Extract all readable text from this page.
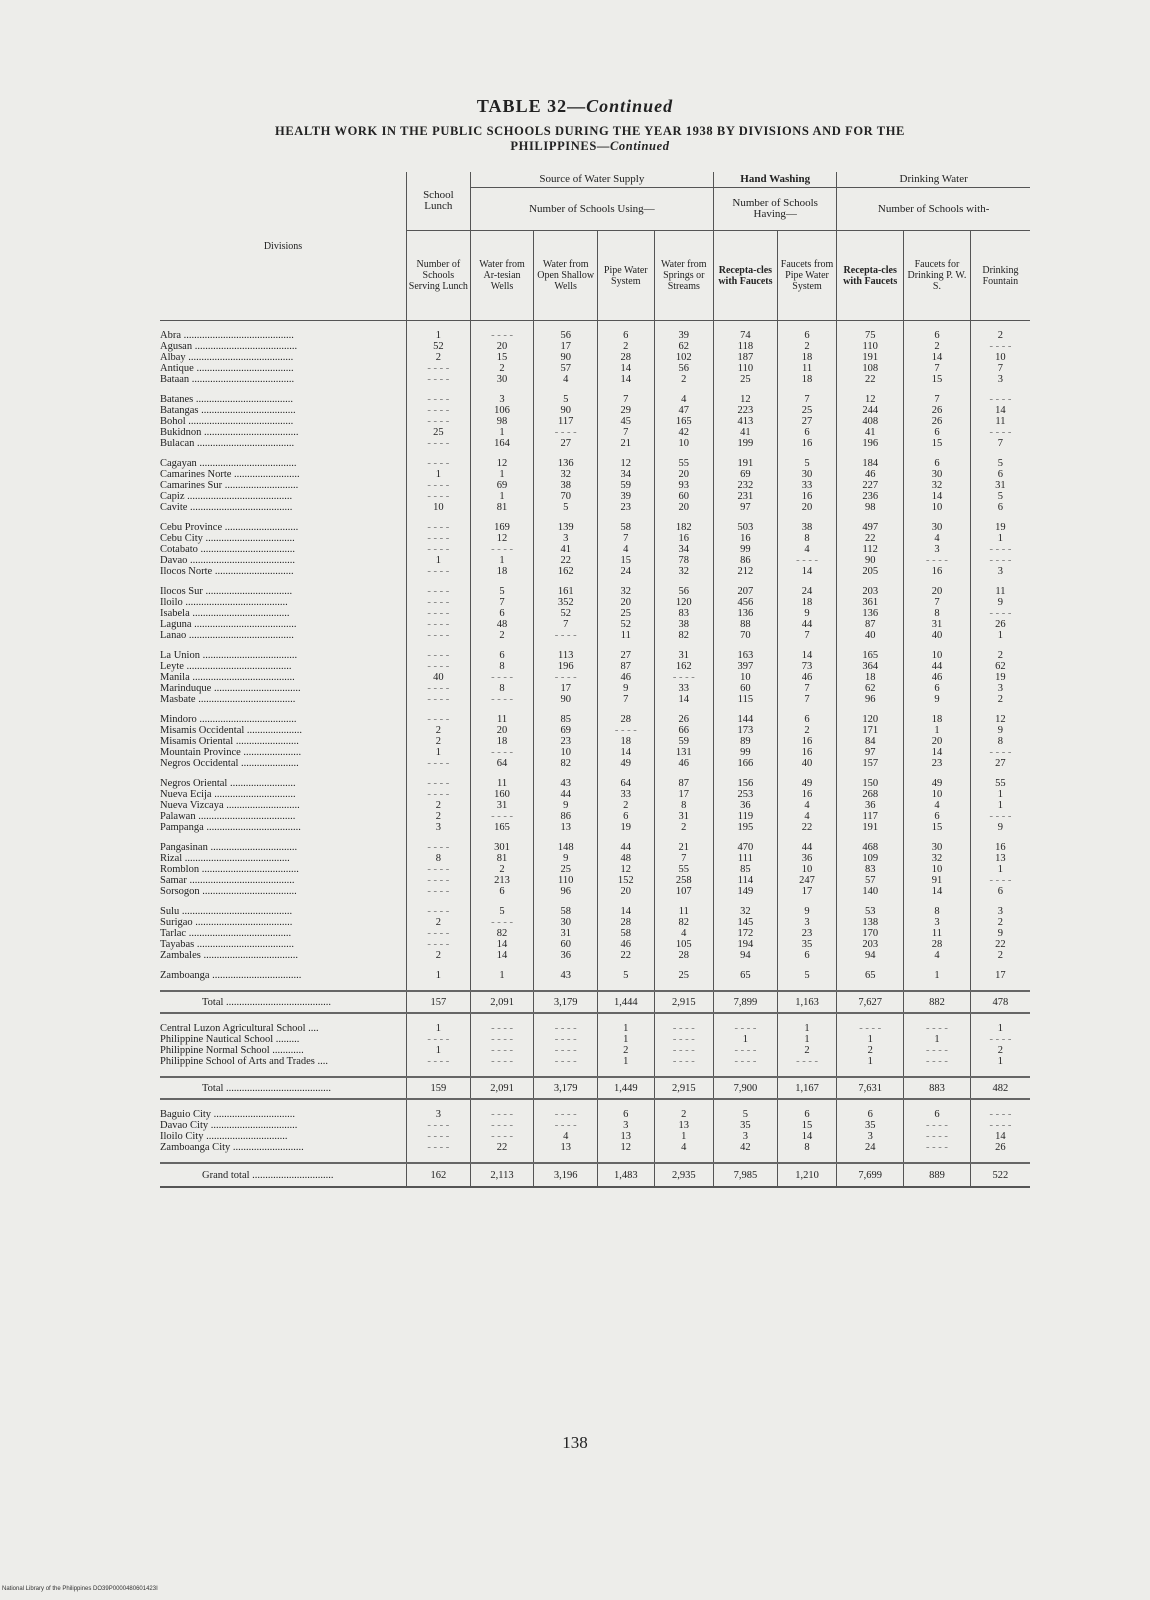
TABLE 32—Continued
HEALTH WORK IN THE PUBLIC SCHOOLS DURING THE YEAR 1938 BY DIVISIONS AND FOR THE
PHILIPPINES—Continued
Divisions	School Lunch	Source of Water Supply				Hand Washing		Drinking Water		
		Number of Schools Using—				Number of Schools Having—		Number of Schools with-		
	Number of Schools Serving Lunch	Water from Ar-tesian Wells	Water from Open Shallow Wells	Pipe Water System	Water from Springs or Streams	Recepta-cles with Faucets	Faucets from Pipe Water System	Recepta-cles with Faucets	Faucets for Drinking P. W. S.	Drinking Fountain

Abra ..........................................	1	- - - -	56	6	39	74	6	75	6	2
Agusan .......................................	52	20	17	2	62	118	2	110	2	- - - -
Albay ........................................	2	15	90	28	102	187	18	191	14	10
Antique .....................................	- - - -	2	57	14	56	110	11	108	7	7
Bataan .......................................	- - - -	30	4	14	2	25	18	22	15	3

Batanes .....................................	- - - -	3	5	7	4	12	7	12	7	- - - -
Batangas ....................................	- - - -	106	90	29	47	223	25	244	26	14
Bohol ........................................	- - - -	98	117	45	165	413	27	408	26	11
Bukidnon ....................................	25	1	- - - -	7	42	41	6	41	6	- - - -
Bulacan .....................................	- - - -	164	27	21	10	199	16	196	15	7

Cagayan .....................................	- - - -	12	136	12	55	191	5	184	6	5
Camarines Norte .........................	1	1	32	34	20	69	30	46	30	6
Camarines Sur ............................	- - - -	69	38	59	93	232	33	227	32	31
Capiz ........................................	- - - -	1	70	39	60	231	16	236	14	5
Cavite .......................................	10	81	5	23	20	97	20	98	10	6

Cebu Province ............................	- - - -	169	139	58	182	503	38	497	30	19
Cebu City ..................................	- - - -	12	3	7	16	16	8	22	4	1
Cotabato ....................................	- - - -	- - - -	41	4	34	99	4	112	3	- - - -
Davao ........................................	1	1	22	15	78	86	- - - -	90	- - - -	- - - -
Ilocos Norte ..............................	- - - -	18	162	24	32	212	14	205	16	3

Ilocos Sur .................................	- - - -	5	161	32	56	207	24	203	20	11
Iloilo .......................................	- - - -	7	352	20	120	456	18	361	7	9
Isabela .....................................	- - - -	6	52	25	83	136	9	136	8	- - - -
Laguna .......................................	- - - -	48	7	52	38	88	44	87	31	26
Lanao ........................................	- - - -	2	- - - -	11	82	70	7	40	40	1

La Union ....................................	- - - -	6	113	27	31	163	14	165	10	2
Leyte ........................................	- - - -	8	196	87	162	397	73	364	44	62
Manila .......................................	40	- - - -	- - - -	46	- - - -	10	46	18	46	19
Marinduque .................................	- - - -	8	17	9	33	60	7	62	6	3
Masbate .....................................	- - - -	- - - -	90	7	14	115	7	96	9	2

Mindoro .....................................	- - - -	11	85	28	26	144	6	120	18	12
Misamis Occidental .....................	2	20	69	- - - -	66	173	2	171	1	9
Misamis Oriental ........................	2	18	23	18	59	89	16	84	20	8
Mountain Province ......................	1	- - - -	10	14	131	99	16	97	14	- - - -
Negros Occidental ......................	- - - -	64	82	49	46	166	40	157	23	27

Negros Oriental .........................	- - - -	11	43	64	87	156	49	150	49	55
Nueva Ecija ...............................	- - - -	160	44	33	17	253	16	268	10	1
Nueva Vizcaya ............................	2	31	9	2	8	36	4	36	4	1
Palawan .....................................	2	- - - -	86	6	31	119	4	117	6	- - - -
Pampanga ....................................	3	165	13	19	2	195	22	191	15	9

Pangasinan .................................	- - - -	301	148	44	21	470	44	468	30	16
Rizal ........................................	8	81	9	48	7	111	36	109	32	13
Romblon .....................................	- - - -	2	25	12	55	85	10	83	10	1
Samar ........................................	- - - -	213	110	152	258	114	247	57	91	- - - -
Sorsogon ....................................	- - - -	6	96	20	107	149	17	140	14	6

Sulu ..........................................	- - - -	5	58	14	11	32	9	53	8	3
Surigao .....................................	2	- - - -	30	28	82	145	3	138	3	2
Tarlac .......................................	- - - -	82	31	58	4	172	23	170	11	9
Tayabas .....................................	- - - -	14	60	46	105	194	35	203	28	22
Zambales ....................................	2	14	36	22	28	94	6	94	4	2

Zamboanga ..................................	1	1	43	5	25	65	5	65	1	17

Total ........................................	157	2,091	3,179	1,444	2,915	7,899	1,163	7,627	882	478

Central Luzon Agricultural School ....	1	- - - -	- - - -	1	- - - -	- - - -	1	- - - -	- - - -	1
Philippine Nautical School .........	- - - -	- - - -	- - - -	1	- - - -	1	1	1	1	- - - -
Philippine Normal School ............	1	- - - -	- - - -	2	- - - -	- - - -	2	2	- - - -	2
Philippine School of Arts and Trades ....	- - - -	- - - -	- - - -	1	- - - -	- - - -	- - - -	1	- - - -	1

Total ........................................	159	2,091	3,179	1,449	2,915	7,900	1,167	7,631	883	482

Baguio City ...............................	3	- - - -	- - - -	6	2	5	6	6	6	- - - -
Davao City .................................	- - - -	- - - -	- - - -	3	13	35	15	35	- - - -	- - - -
Iloilo City ...............................	- - - -	- - - -	4	13	1	3	14	3	- - - -	14
Zamboanga City ...........................	- - - -	22	13	12	4	42	8	24	- - - -	26

Grand total ...............................	162	2,113	3,196	1,483	2,935	7,985	1,210	7,699	889	522
138
National Library of the Philippines DO39P0000480601423I
